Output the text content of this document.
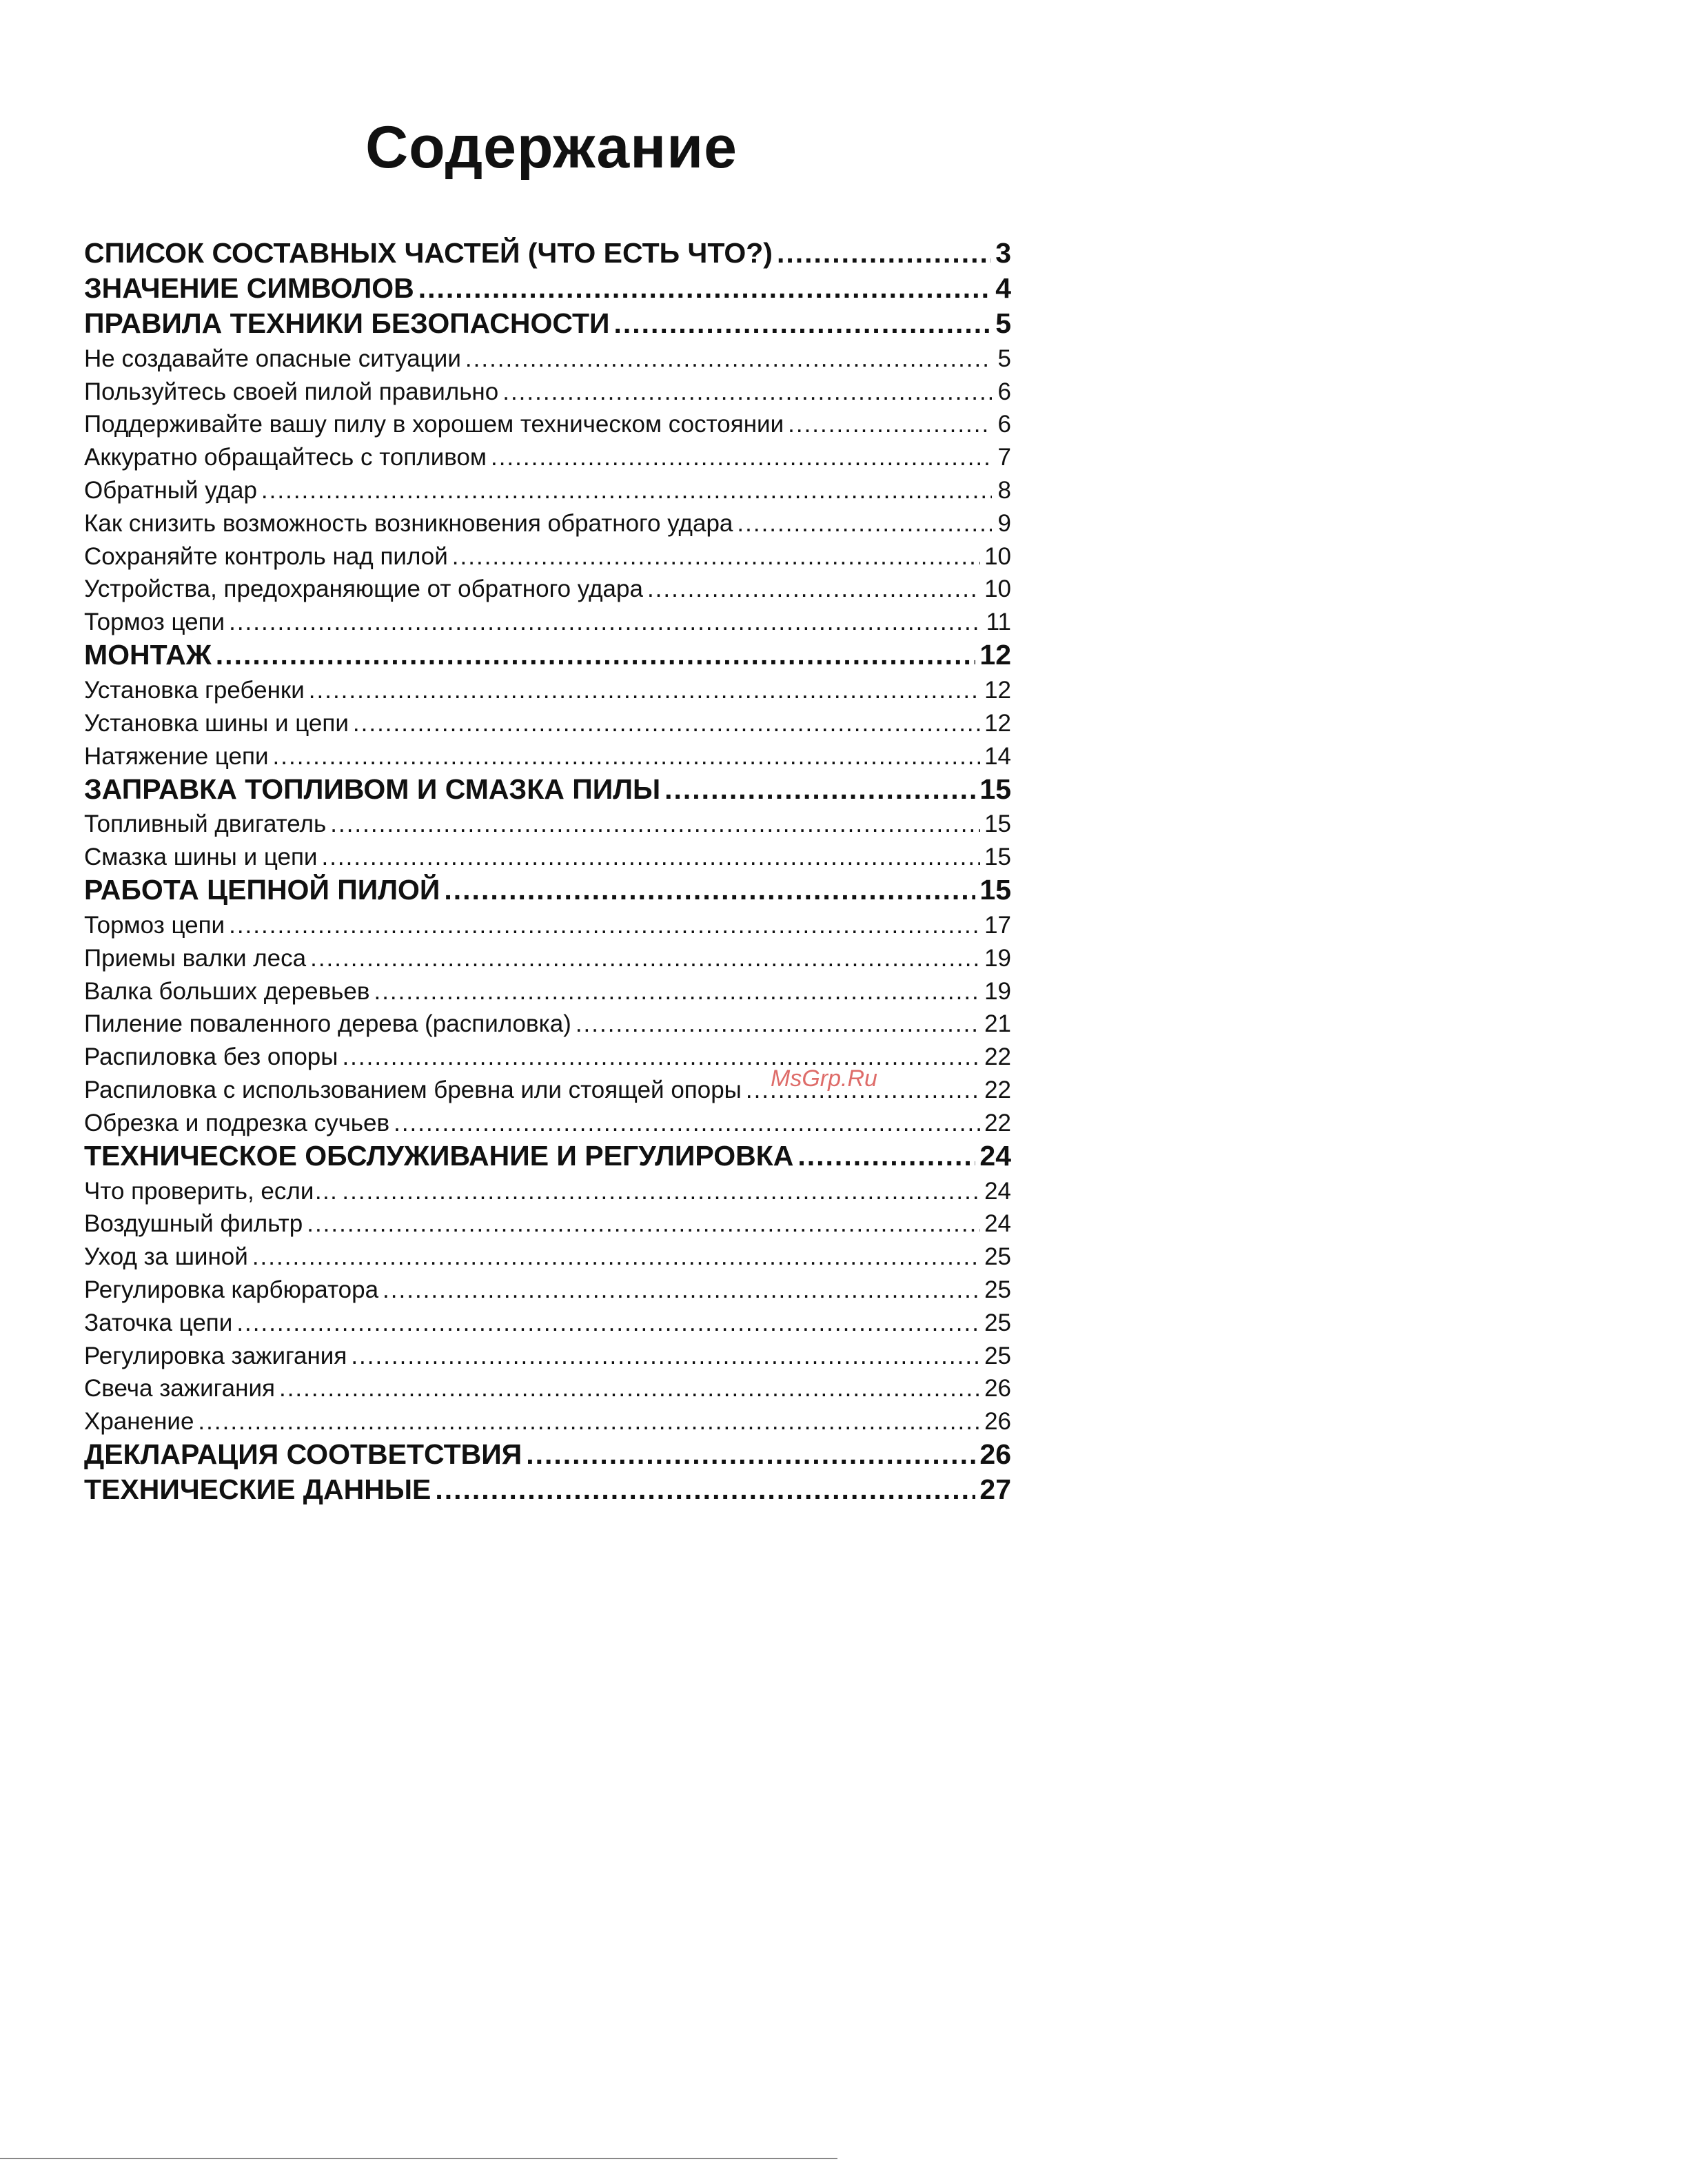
Содержание
СПИСОК СОСТАВНЫХ ЧАСТЕЙ (ЧТО ЕСТЬ ЧТО?) .....	3
ЗНАЧЕНИЕ СИМВОЛОВ .....	4
ПРАВИЛА ТЕХНИКИ БЕЗОПАСНОСТИ .....	5
Не создавайте опасные ситуации .....	5
Пользуйтесь своей пилой правильно .....	6
Поддерживайте вашу пилу в хорошем техническом состоянии .....	6
Аккуратно обращайтесь с топливом .....	7
Обратный удар .....	8
Как снизить возможность возникновения обратного удара .....	9
Сохраняйте контроль над пилой .....	10
Устройства, предохраняющие от обратного удара .....	10
Тормоз цепи .....	11
МОНТАЖ .....	12
Установка гребенки .....	12
Установка шины и цепи .....	12
Натяжение цепи .....	14
ЗАПРАВКА ТОПЛИВОМ И СМАЗКА ПИЛЫ .....	15
Топливный двигатель .....	15
Смазка шины и цепи .....	15
РАБОТА ЦЕПНОЙ ПИЛОЙ .....	15
Тормоз цепи .....	17
Приемы валки леса .....	19
Валка больших деревьев .....	19
Пиление поваленного дерева (распиловка) .....	21
Распиловка без опоры .....	22
Распиловка с использованием бревна или стоящей опоры .....	22
Обрезка и подрезка сучьев .....	22
ТЕХНИЧЕСКОЕ ОБСЛУЖИВАНИЕ И РЕГУЛИРОВКА .....	24
Что проверить, если… .....	24
Воздушный фильтр .....	24
Уход за шиной .....	25
Регулировка карбюратора .....	25
Заточка цепи .....	25
Регулировка зажигания .....	25
Свеча зажигания .....	26
Хранение .....	26
ДЕКЛАРАЦИЯ СООТВЕТСТВИЯ .....	26
ТЕХНИЧЕСКИЕ ДАННЫЕ .....	27
MsGrp.Ru
